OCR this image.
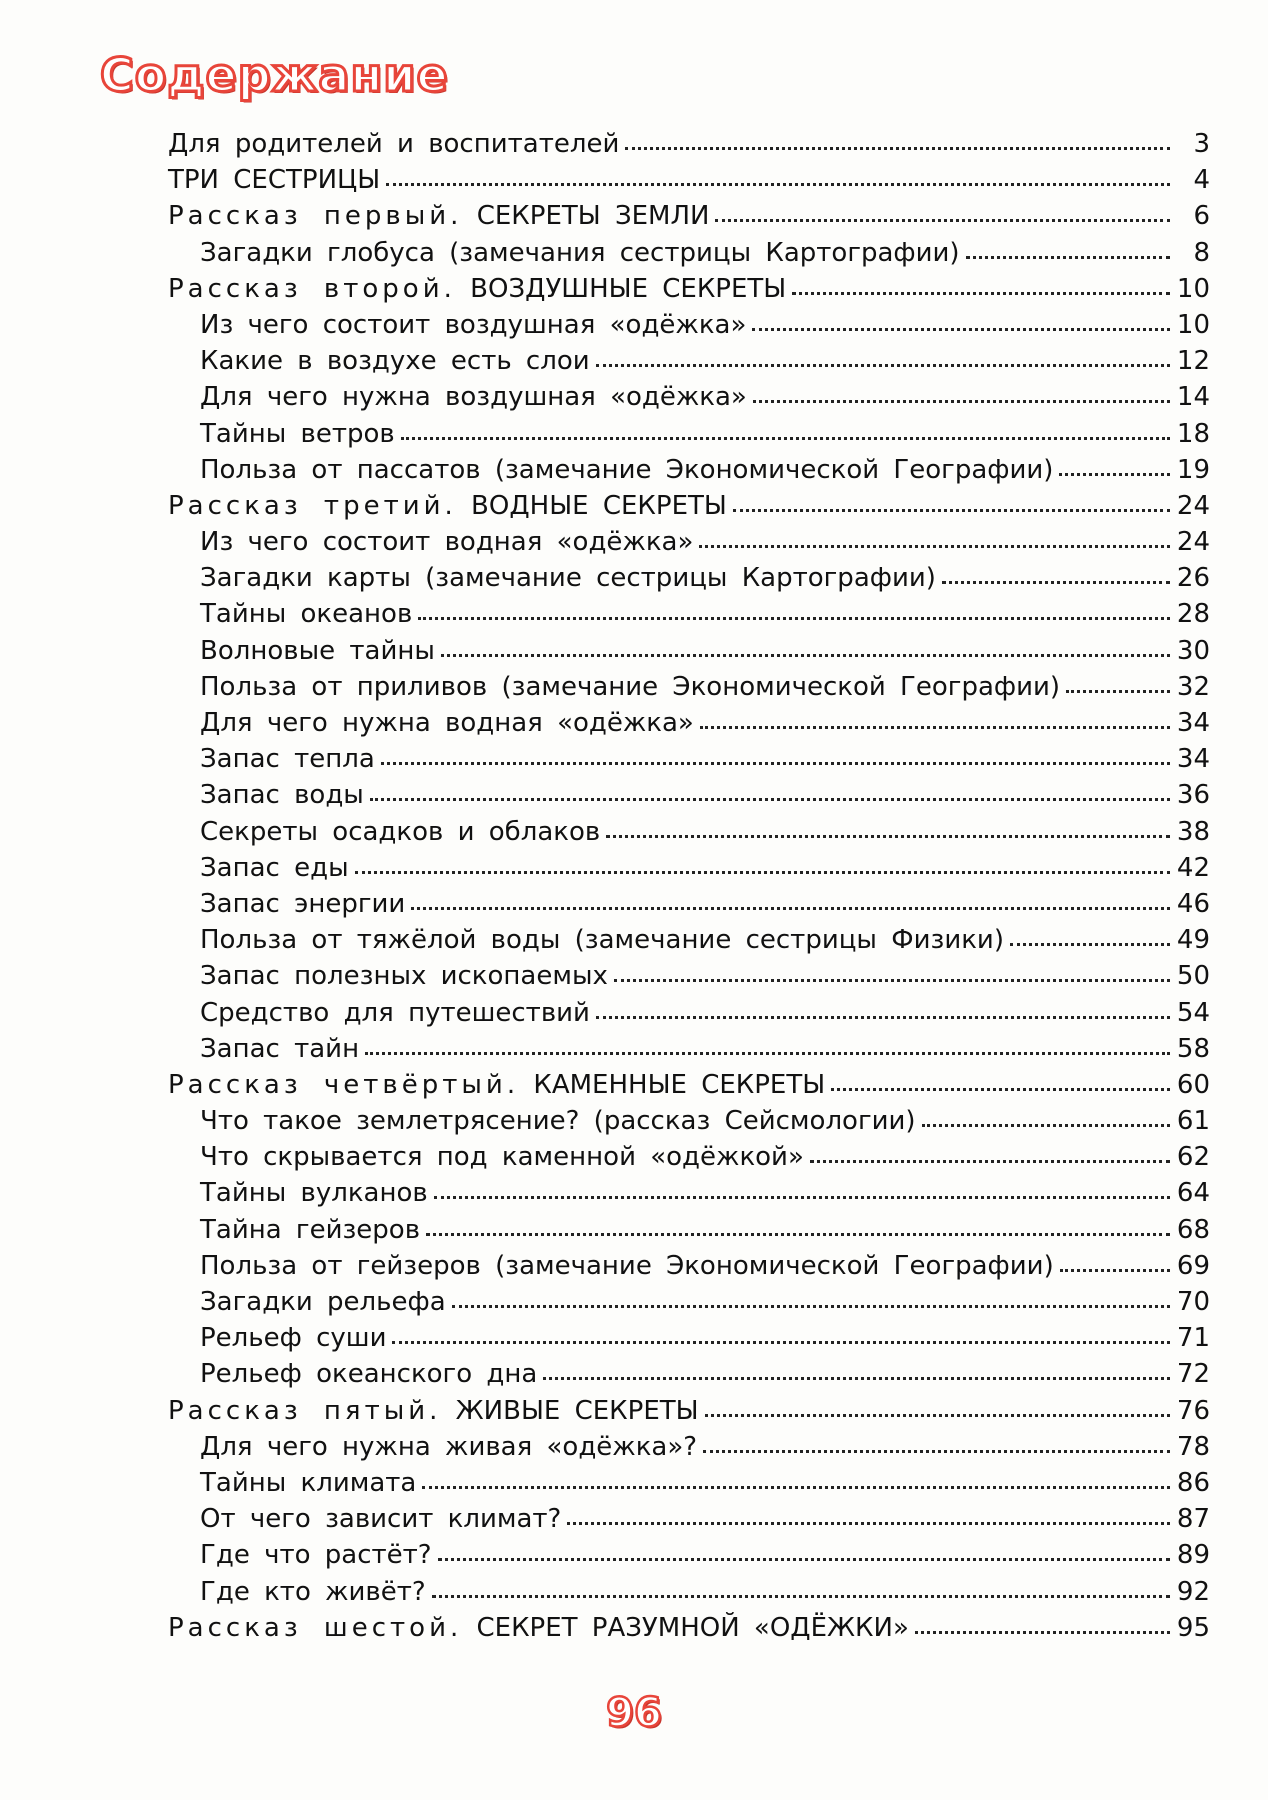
Содержание
Для родителей и воспитателей	3
ТРИ СЕСТРИЦЫ	4
Рассказ первый. СЕКРЕТЫ ЗЕМЛИ	6
Загадки глобуса (замечания сестрицы Картографии)	8
Рассказ второй. ВОЗДУШНЫЕ СЕКРЕТЫ	10
Из чего состоит воздушная «одёжка»	10
Какие в воздухе есть слои	12
Для чего нужна воздушная «одёжка»	14
Тайны ветров	18
Польза от пассатов (замечание Экономической Географии)	19
Рассказ третий. ВОДНЫЕ СЕКРЕТЫ	24
Из чего состоит водная «одёжка»	24
Загадки карты (замечание сестрицы Картографии)	26
Тайны океанов	28
Волновые тайны	30
Польза от приливов (замечание Экономической Географии)	32
Для чего нужна водная «одёжка»	34
Запас тепла	34
Запас воды	36
Секреты осадков и облаков	38
Запас еды	42
Запас энергии	46
Польза от тяжёлой воды (замечание сестрицы Физики)	49
Запас полезных ископаемых	50
Средство для путешествий	54
Запас тайн	58
Рассказ четвёртый. КАМЕННЫЕ СЕКРЕТЫ	60
Что такое землетрясение? (рассказ Сейсмологии)	61
Что скрывается под каменной «одёжкой»	62
Тайны вулканов	64
Тайна гейзеров	68
Польза от гейзеров (замечание Экономической Географии)	69
Загадки рельефа	70
Рельеф суши	71
Рельеф океанского дна	72
Рассказ пятый. ЖИВЫЕ СЕКРЕТЫ	76
Для чего нужна живая «одёжка»?	78
Тайны климата	86
От чего зависит климат?	87
Где что растёт?	89
Где кто живёт?	92
Рассказ шестой. СЕКРЕТ РАЗУМНОЙ «ОДЁЖКИ»	95
96
